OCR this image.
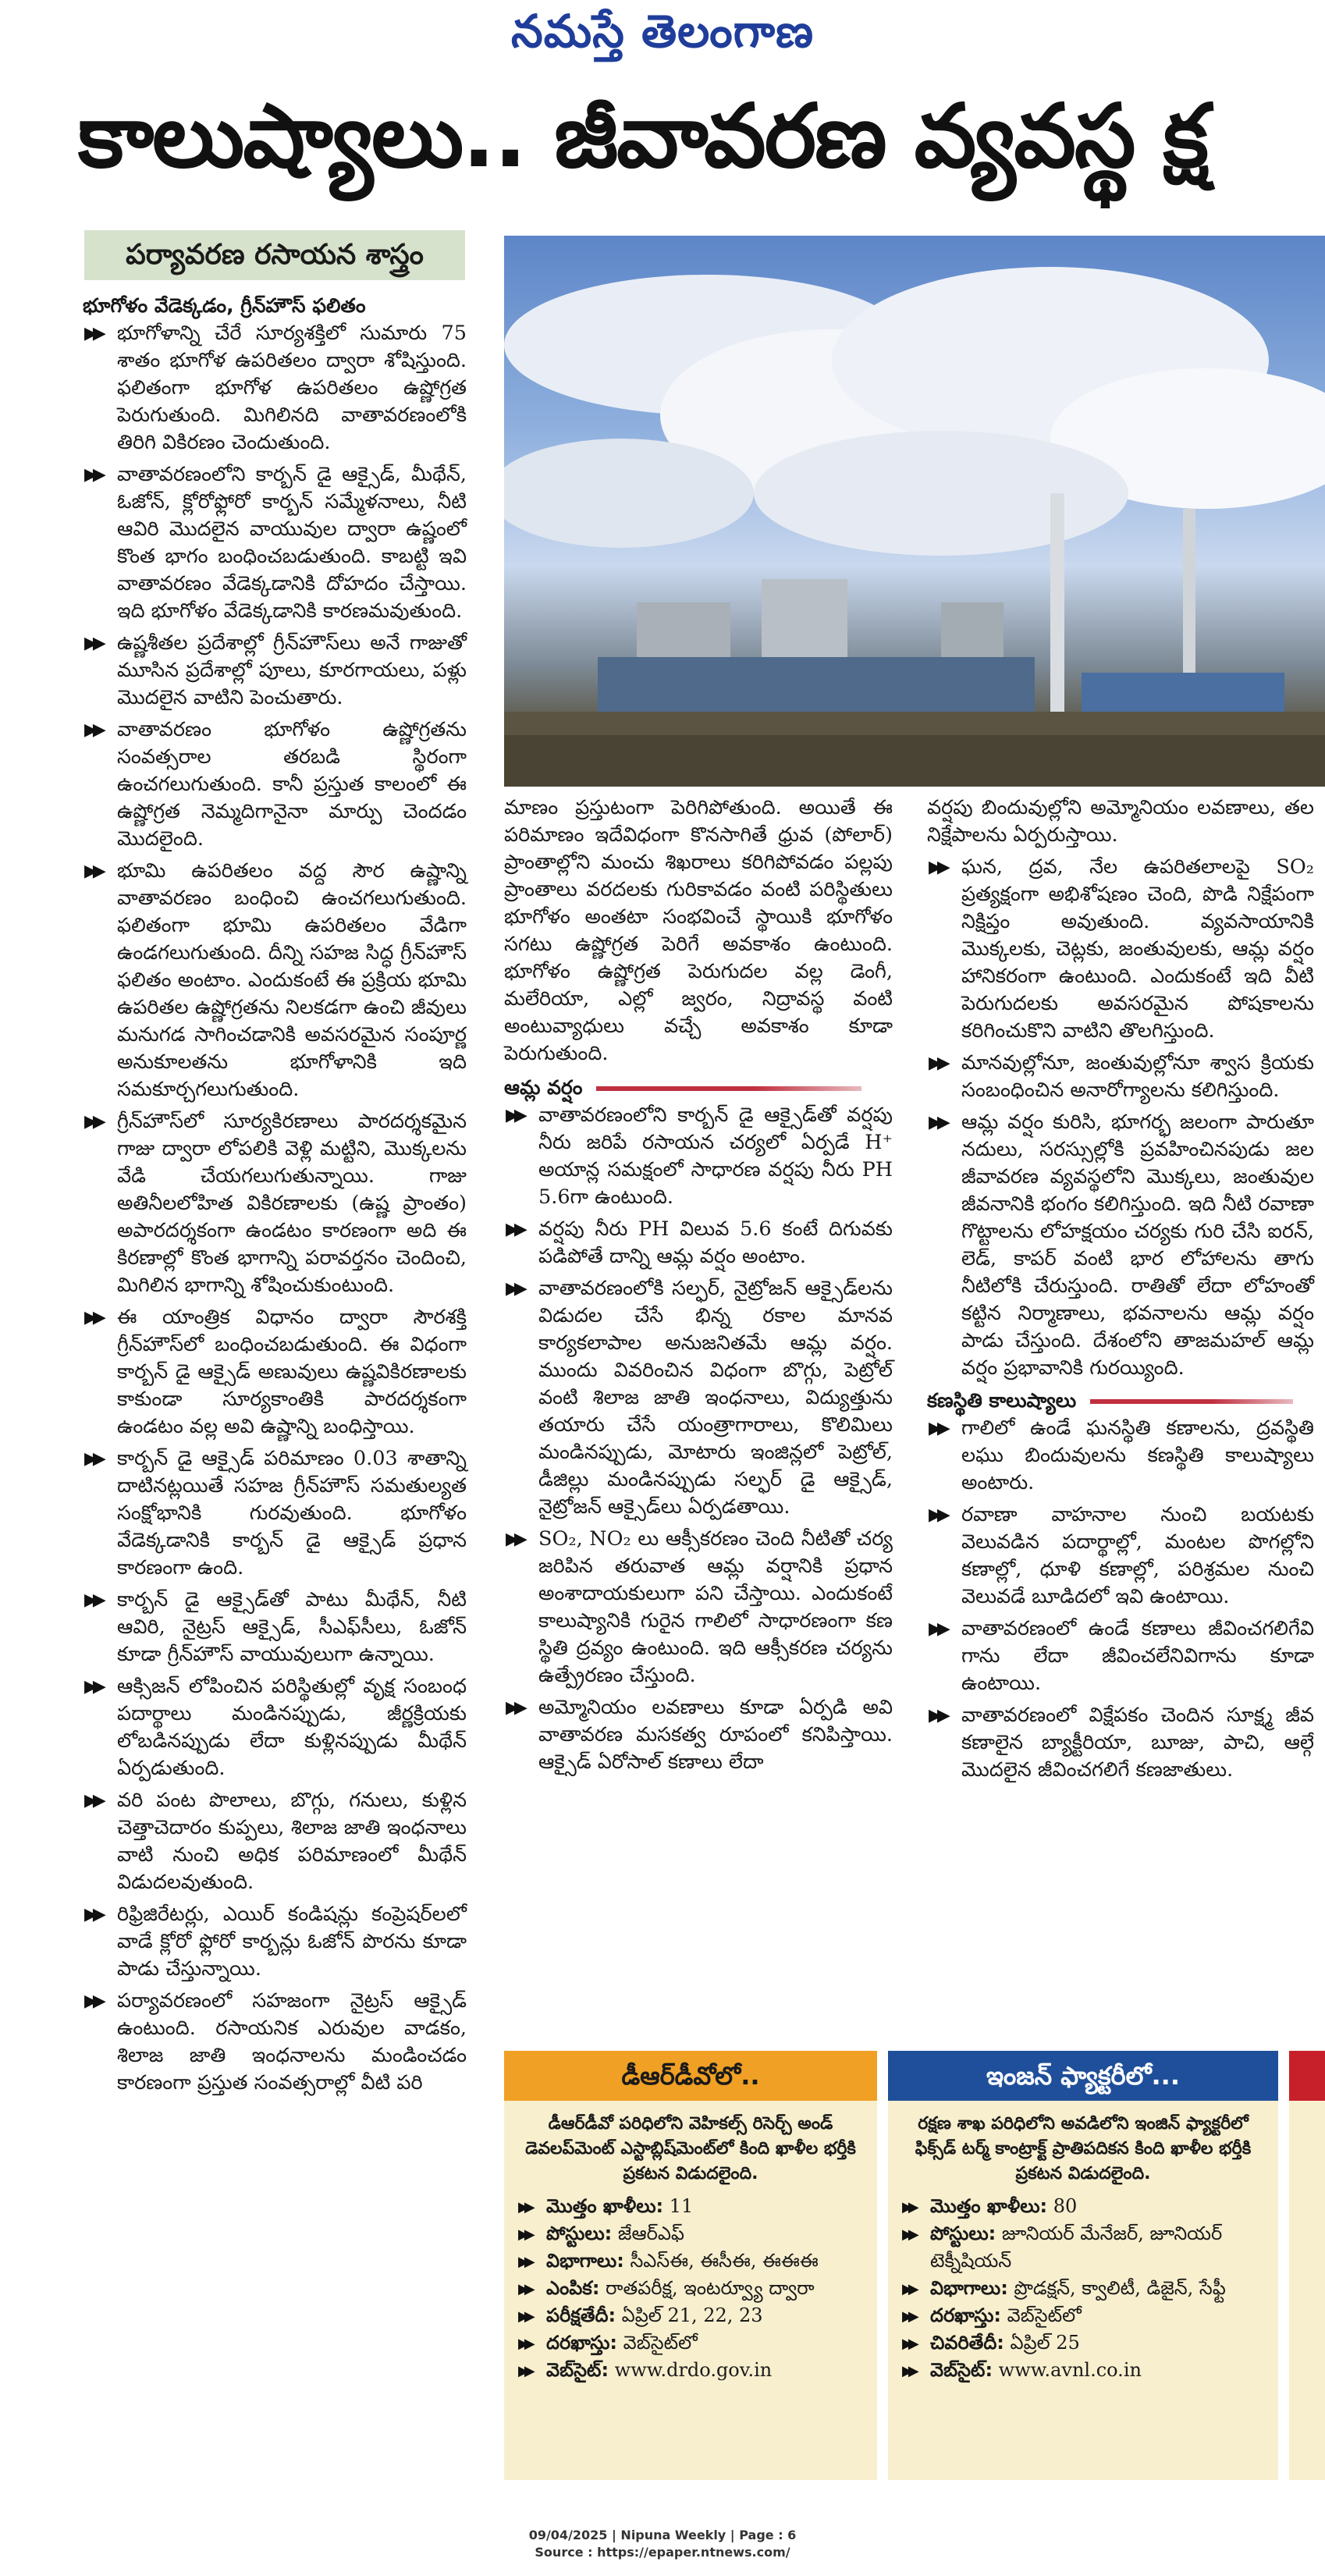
నమస్తే తెలంగాణ
కాలుష్యాలు.. జీవావరణ వ్యవస్థ క్ష
పర్యావరణ రసాయన శాస్త్రం
భూగోళం వేడెక్కడం, గ్రీన్‌హౌస్ ఫలితం
▶▶ భూగోళాన్ని చేరే సూర్యశక్తిలో సుమారు 75 శాతం భూగోళ ఉపరితలం ద్వారా శోషిస్తుంది. ఫలితంగా భూగోళ ఉపరితలం ఉష్ణోగ్రత పెరుగుతుంది. మిగిలినది వాతావరణంలోకి తిరిగి వికిరణం చెందుతుంది.
▶▶ వాతావరణంలోని కార్బన్ డై ఆక్సైడ్, మీథేన్, ఓజోన్, క్లోరోఫ్లోరో కార్బన్ సమ్మేళనాలు, నీటి ఆవిరి మొదలైన వాయువుల ద్వారా ఉష్ణంలో కొంత భాగం బంధించబడుతుంది. కాబట్టి ఇవి వాతావరణం వేడెక్కడానికి దోహదం చేస్తాయి. ఇది భూగోళం వేడెక్కడానికి కారణమవుతుంది.
▶▶ ఉష్ణశీతల ప్రదేశాల్లో గ్రీన్‌హౌస్‌లు అనే గాజుతో మూసిన ప్రదేశాల్లో పూలు, కూరగాయలు, పళ్లు మొదలైన వాటిని పెంచుతారు.
▶▶ వాతావరణం భూగోళం ఉష్ణోగ్రతను సంవత్సరాల తరబడి స్థిరంగా ఉంచగలుగుతుంది. కానీ ప్రస్తుత కాలంలో ఈ ఉష్ణోగ్రత నెమ్మదిగానైనా మార్పు చెందడం మొదలైంది.
▶▶ భూమి ఉపరితలం వద్ద సౌర ఉష్ణాన్ని వాతావరణం బంధించి ఉంచగలుగుతుంది. ఫలితంగా భూమి ఉపరితలం వేడిగా ఉండగలుగుతుంది. దీన్ని సహజ సిద్ధ గ్రీన్‌హౌస్ ఫలితం అంటాం. ఎందుకంటే ఈ ప్రక్రియ భూమి ఉపరితల ఉష్ణోగ్రతను నిలకడగా ఉంచి జీవులు మనుగడ సాగించడానికి అవసరమైన సంపూర్ణ అనుకూలతను భూగోళానికి ఇది సమకూర్చగలుగుతుంది.
▶▶ గ్రీన్‌హౌస్‌లో సూర్యకిరణాలు పారదర్శకమైన గాజు ద్వారా లోపలికి వెళ్లి మట్టిని, మొక్కలను వేడి చేయగలుగుతున్నాయి. గాజు అతినీలలోహిత వికిరణాలకు (ఉష్ణ ప్రాంతం) అపారదర్శకంగా ఉండటం కారణంగా అది ఈ కిరణాల్లో కొంత భాగాన్ని పరావర్తనం చెందించి, మిగిలిన భాగాన్ని శోషించుకుంటుంది.
▶▶ ఈ యాంత్రిక విధానం ద్వారా సౌరశక్తి గ్రీన్‌హౌస్‌లో బంధించబడుతుంది. ఈ విధంగా కార్బన్ డై ఆక్సైడ్ అణువులు ఉష్ణవికిరణాలకు కాకుండా సూర్యకాంతికి పారదర్శకంగా ఉండటం వల్ల అవి ఉష్ణాన్ని బంధిస్తాయి.
▶▶ కార్బన్ డై ఆక్సైడ్ పరిమాణం 0.03 శాతాన్ని దాటినట్లయితే సహజ గ్రీన్‌హౌస్ సమతుల్యత సంక్షోభానికి గురవుతుంది. భూగోళం వేడెక్కడానికి కార్బన్ డై ఆక్సైడ్ ప్రధాన కారణంగా ఉంది.
▶▶ కార్బన్ డై ఆక్సైడ్‌తో పాటు మీథేన్, నీటి ఆవిరి, నైట్రస్ ఆక్సైడ్, సీఎఫ్‌సీలు, ఓజోన్ కూడా గ్రీన్‌హౌస్ వాయువులుగా ఉన్నాయి.
▶▶ ఆక్సిజన్ లోపించిన పరిస్థితుల్లో వృక్ష సంబంధ పదార్థాలు మండినప్పుడు, జీర్ణక్రియకు లోబడినప్పుడు లేదా కుళ్లినప్పుడు మీథేన్ ఏర్పడుతుంది.
▶▶ వరి పంట పొలాలు, బొగ్గు, గనులు, కుళ్లిన చెత్తాచెదారం కుప్పలు, శిలాజ జాతి ఇంధనాలు వాటి నుంచి అధిక పరిమాణంలో మీథేన్ విడుదలవుతుంది.
▶▶ రిఫ్రిజిరేటర్లు, ఎయిర్ కండిషన్లు కంప్రెషర్‌లలో వాడే క్లోరో ఫ్లోరో కార్బన్లు ఓజోన్ పొరను కూడా పాడు చేస్తున్నాయి.
▶▶ పర్యావరణంలో సహజంగా నైట్రస్ ఆక్సైడ్ ఉంటుంది. రసాయనిక ఎరువుల వాడకం, శిలాజ జాతి ఇంధనాలను మండించడం కారణంగా ప్రస్తుత సంవత్సరాల్లో వీటి పరి

మాణం ప్రస్తుటంగా పెరిగిపోతుంది. అయితే ఈ పరిమాణం ఇదేవిధంగా కొనసాగితే ధ్రువ (పోలార్) ప్రాంతాల్లోని మంచు శిఖరాలు కరిగిపోవడం పల్లపు ప్రాంతాలు వరదలకు గురికావడం వంటి పరిస్థితులు భూగోళం అంతటా సంభవించే స్థాయికి భూగోళం సగటు ఉష్ణోగ్రత పెరిగే అవకాశం ఉంటుంది. భూగోళం ఉష్ణోగ్రత పెరుగుదల వల్ల డెంగీ, మలేరియా, ఎల్లో జ్వరం, నిద్రావస్థ వంటి అంటువ్యాధులు వచ్చే అవకాశం కూడా పెరుగుతుంది.

ఆమ్ల వర్షం
▶▶ వాతావరణంలోని కార్బన్ డై ఆక్సైడ్‌తో వర్షపు నీరు జరిపే రసాయన చర్యలో ఏర్పడే H⁺ అయాన్ల సమక్షంలో సాధారణ వర్షపు నీరు PH 5.6గా ఉంటుంది.
▶▶ వర్షపు నీరు PH విలువ 5.6 కంటే దిగువకు పడిపోతే దాన్ని ఆమ్ల వర్షం అంటాం.
▶▶ వాతావరణంలోకి సల్ఫర్, నైట్రోజన్ ఆక్సైడ్‌లను విడుదల చేసే భిన్న రకాల మానవ కార్యకలాపాల అనుజనితమే ఆమ్ల వర్షం. ముందు వివరించిన విధంగా బొగ్గు, పెట్రోల్ వంటి శిలాజ జాతి ఇంధనాలు, విద్యుత్తును తయారు చేసే యంత్రాగారాలు, కొలిమిలు మండినప్పుడు, మోటారు ఇంజిన్లలో పెట్రోల్, డీజిల్లు మండినప్పుడు సల్ఫర్ డై ఆక్సైడ్, నైట్రోజన్ ఆక్సైడ్‌లు ఏర్పడతాయి.
▶▶ SO₂, NO₂ లు ఆక్సీకరణం చెంది నీటితో చర్య జరిపిన తరువాత ఆమ్ల వర్షానికి ప్రధాన అంశాదాయకులుగా పని చేస్తాయి. ఎందుకంటే కాలుష్యానికి గురైన గాలిలో సాధారణంగా కణ స్థితి ద్రవ్యం ఉంటుంది. ఇది ఆక్సీకరణ చర్యను ఉత్ప్రేరణం చేస్తుంది.
▶▶ అమ్మోనియం లవణాలు కూడా ఏర్పడి అవి వాతావరణ మసకత్వ రూపంలో కనిపిస్తాయి. ఆక్సైడ్ ఏరోసాల్ కణాలు లేదా

వర్షపు బిందువుల్లోని అమ్మోనియం లవణాలు, తల నిక్షేపాలను ఏర్పరుస్తాయి.

▶▶ ఘన, ద్రవ, నేల ఉపరితలాలపై SO₂ ప్రత్యక్షంగా అభిశోషణం చెంది, పొడి నిక్షేపంగా నిక్షిప్తం అవుతుంది. వ్యవసాయానికి మొక్కలకు, చెట్లకు, జంతువులకు, ఆమ్ల వర్షం హానికరంగా ఉంటుంది. ఎందుకంటే ఇది వీటి పెరుగుదలకు అవసరమైన పోషకాలను కరిగించుకొని వాటిని తొలగిస్తుంది.
▶▶ మానవుల్లోనూ, జంతువుల్లోనూ శ్వాస క్రియకు సంబంధించిన అనారోగ్యాలను కలిగిస్తుంది.
▶▶ ఆమ్ల వర్షం కురిసి, భూగర్భ జలంగా పారుతూ నదులు, సరస్సుల్లోకి ప్రవహించినపుడు జల జీవావరణ వ్యవస్థలోని మొక్కలు, జంతువుల జీవనానికి భంగం కలిగిస్తుంది. ఇది నీటి రవాణా గొట్టాలను లోహక్షయం చర్యకు గురి చేసి ఐరన్, లెడ్, కాపర్ వంటి భార లోహాలను తాగు నీటిలోకి చేరుస్తుంది. రాతితో లేదా లోహంతో కట్టిన నిర్మాణాలు, భవనాలను ఆమ్ల వర్షం పాడు చేస్తుంది. దేశంలోని తాజమహల్ ఆమ్ల వర్షం ప్రభావానికి గురయ్యింది.
కణస్థితి కాలుష్యాలు
▶▶ గాలిలో ఉండే ఘనస్థితి కణాలను, ద్రవస్థితి లఘు బిందువులను కణస్థితి కాలుష్యాలు అంటారు.
▶▶ రవాణా వాహనాల నుంచి బయటకు వెలువడిన పదార్థాల్లో, మంటల పొగల్లోని కణాల్లో, ధూళి కణాల్లో, పరిశ్రమల నుంచి వెలువడే బూడిదలో ఇవి ఉంటాయి.
▶▶ వాతావరణంలో ఉండే కణాలు జీవించగలిగేవి గాను లేదా జీవించలేనివిగాను కూడా ఉంటాయి.
▶▶ వాతావరణంలో విక్షేపకం చెందిన సూక్ష్మ జీవ కణాలైన బ్యాక్టీరియా, బూజు, పాచి, ఆల్గే మొదలైన జీవించగలిగే కణజాతులు.
డీఆర్‌డీవోలో..
డీఆర్‌డీవో పరిధిలోని వెహికల్స్ రిసెర్చ్ అండ్ డెవలప్‌మెంట్ ఎస్టాబ్లిష్‌మెంట్‌లో కింది ఖాళీల భర్తీకి ప్రకటన విడుదలైంది.
▶▶ మొత్తం ఖాళీలు: 11
▶▶ పోస్టులు: జేఆర్ఎఫ్
▶▶ విభాగాలు: సీఎస్ఈ, ఈసీఈ, ఈఈఈ
▶▶ ఎంపిక: రాతపరీక్ష, ఇంటర్వ్యూ ద్వారా
▶▶ పరీక్షతేదీ: ఏప్రిల్ 21, 22, 23
▶▶ దరఖాస్తు: వెబ్‌సైట్‌లో
▶▶ వెబ్‌సైట్: www.drdo.gov.in
ఇంజన్ ఫ్యాక్టరీలో...
రక్షణ శాఖ పరిధిలోని అవడిలోని ఇంజిన్ ఫ్యాక్టరీలో ఫిక్స్‌డ్ టర్మ్ కాంట్రాక్ట్ ప్రాతిపదికన కింది ఖాళీల భర్తీకి ప్రకటన విడుదలైంది.
▶▶ మొత్తం ఖాళీలు: 80
▶▶ పోస్టులు: జూనియర్ మేనేజర్, జూనియర్ టెక్నీషియన్
▶▶ విభాగాలు: ప్రొడక్షన్, క్వాలిటీ, డిజైన్, సేఫ్టీ
▶▶ దరఖాస్తు: వెబ్‌సైట్‌లో
▶▶ చివరితేదీ: ఏప్రిల్ 25
▶▶ వెబ్‌సైట్: www.avnl.co.in
09/04/2025 | Nipuna Weekly | Page : 6
Source : https://epaper.ntnews.com/
